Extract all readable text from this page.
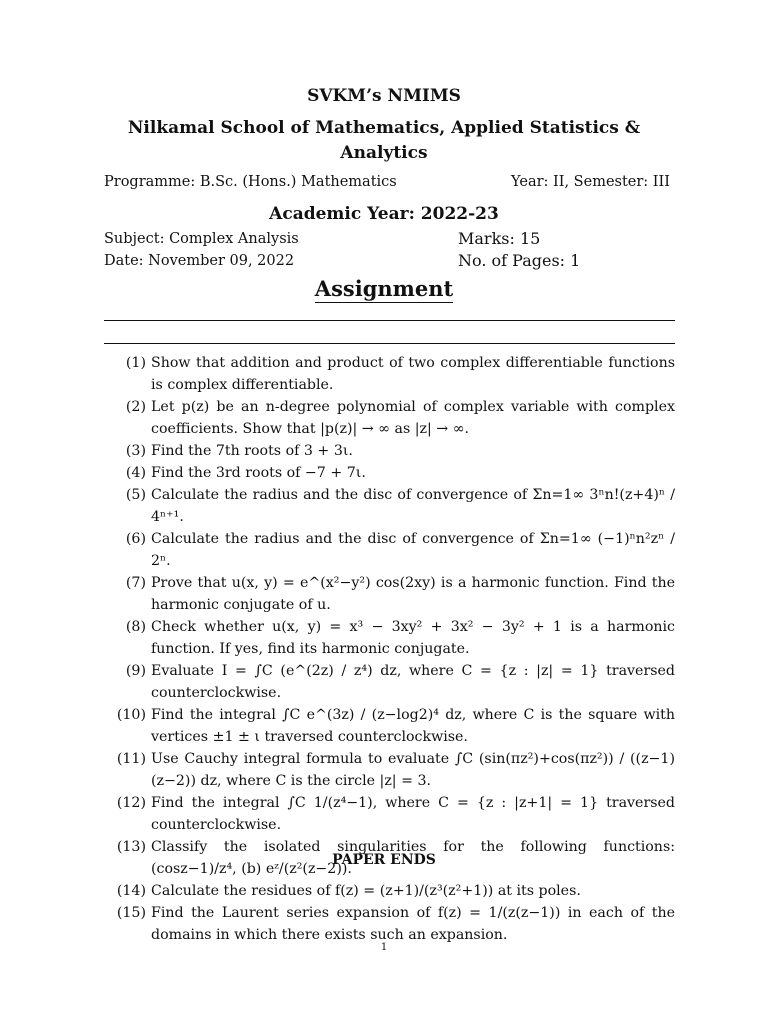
SVKM’s NMIMS
Nilkamal School of Mathematics, Applied Statistics & Analytics
Programme: B.Sc. (Hons.) Mathematics	Year: II, Semester: III
Academic Year: 2022-23
Subject: Complex Analysis	Marks: 15
Date: November 09, 2022	No. of Pages: 1
Assignment
(1) Show that addition and product of two complex differentiable functions is complex differentiable.
(2) Let p(z) be an n-degree polynomial of complex variable with complex coefficients. Show that |p(z)| → ∞ as |z| → ∞.
(3) Find the 7th roots of 3 + 3ι.
(4) Find the 3rd roots of −7 + 7ι.
(5) Calculate the radius and the disc of convergence of Σn=1∞ 3ⁿn!(z+4)ⁿ / 4ⁿ⁺¹.
(6) Calculate the radius and the disc of convergence of Σn=1∞ (−1)ⁿn²zⁿ / 2ⁿ.
(7) Prove that u(x, y) = e^(x²−y²) cos(2xy) is a harmonic function. Find the harmonic conjugate of u.
(8) Check whether u(x, y) = x³ − 3xy² + 3x² − 3y² + 1 is a harmonic function. If yes, find its harmonic conjugate.
(9) Evaluate I = ∫C (e^(2z) / z⁴) dz, where C = {z : |z| = 1} traversed counterclockwise.
(10) Find the integral ∫C e^(3z) / (z−log2)⁴ dz, where C is the square with vertices ±1 ± ι traversed counterclockwise.
(11) Use Cauchy integral formula to evaluate ∫C (sin(πz²)+cos(πz²)) / ((z−1)(z−2)) dz, where C is the circle |z| = 3.
(12) Find the integral ∫C 1/(z⁴−1), where C = {z : |z+1| = 1} traversed counterclockwise.
(13) Classify the isolated singularities for the following functions: (cosz−1)/z⁴, (b) eᶻ/(z²(z−2)).
(14) Calculate the residues of f(z) = (z+1)/(z³(z²+1)) at its poles.
(15) Find the Laurent series expansion of f(z) = 1/(z(z−1)) in each of the domains in which there exists such an expansion.
PAPER ENDS
1
